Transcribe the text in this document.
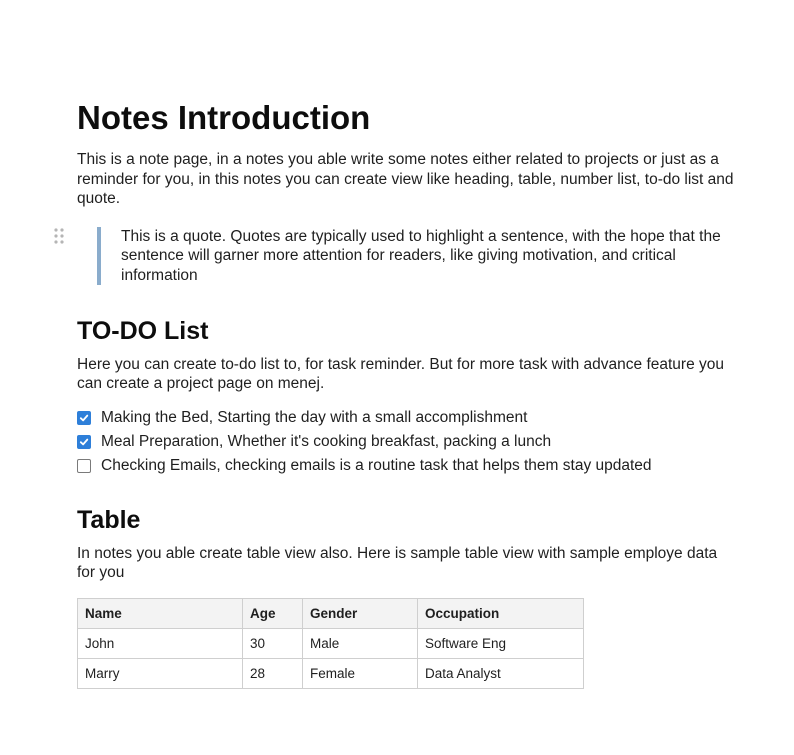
Notes Introduction

This is a note page, in a notes you able write some notes either related to projects or just as a reminder for you, in this notes you can create view like heading, table, number list, to-do list and quote.

This is a quote. Quotes are typically used to highlight a sentence, with the hope that the sentence will garner more attention for readers, like giving motivation, and critical information

TO-DO List

Here you can create to-do list to, for task reminder. But for more task with advance feature you can create a project page on menej.

Making the Bed, Starting the day with a small accomplishment
Meal Preparation, Whether it's cooking breakfast, packing a lunch
Checking Emails, checking emails is a routine task that helps them stay updated
Table

In notes you able create table view also. Here is sample table view with sample employe data for you

Name	Age	Gender	Occupation
John	30	Male	Software Eng
Marry	28	Female	Data Analyst
